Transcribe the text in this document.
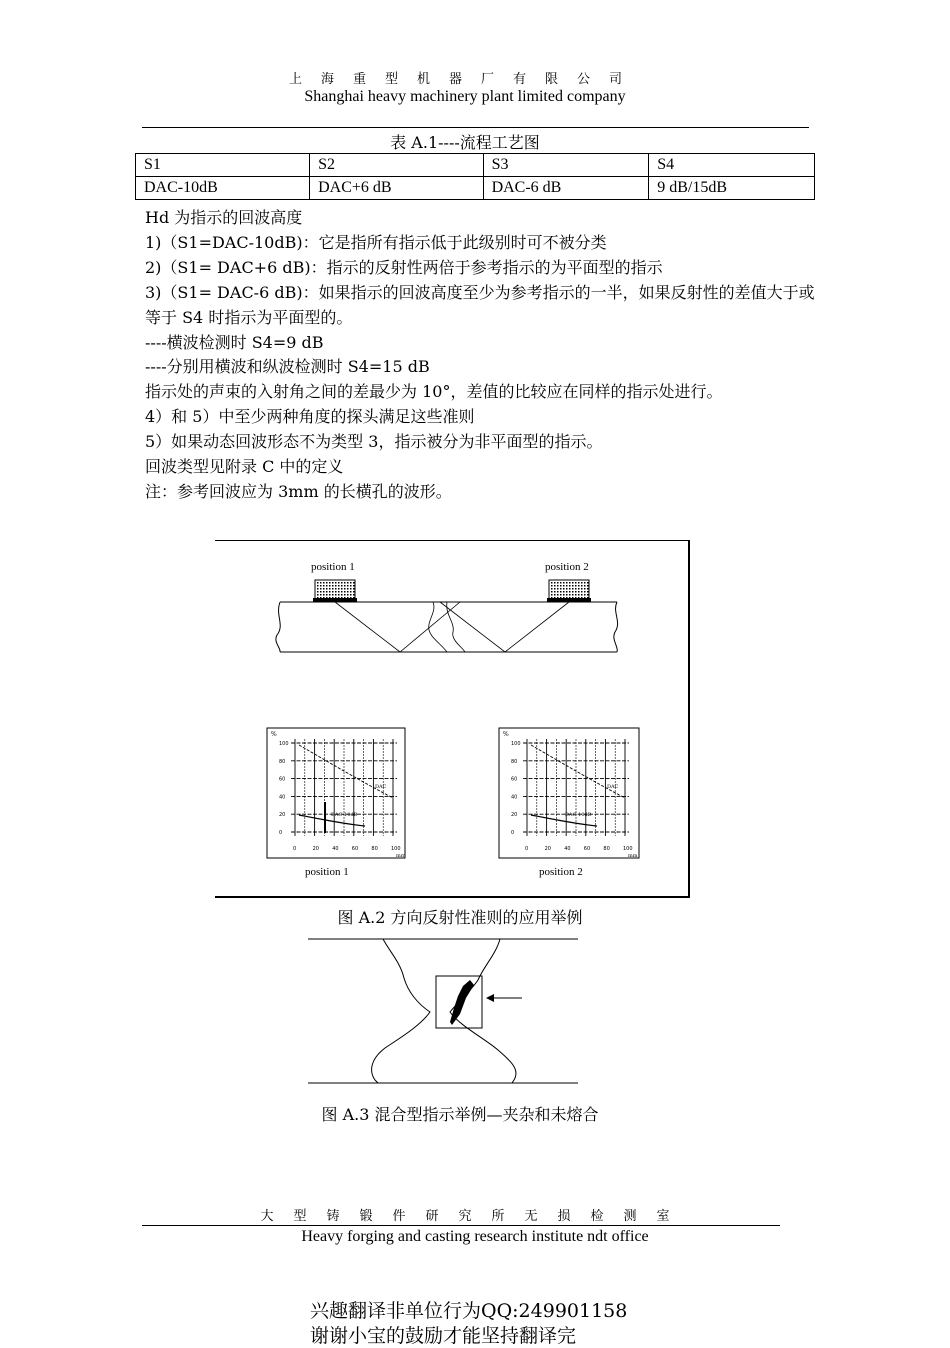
上海重型机器厂有限公司
Shanghai heavy machinery plant limited company
表 A.1----流程工艺图
S1	S2	S3	S4
DAC-10dB	DAC+6 dB	DAC-6 dB	9 dB/15dB

Hd 为指示的回波高度

1)（S1=DAC-10dB)：它是指所有指示低于此级别时可不被分类

2)（S1= DAC+6 dB)：指示的反射性两倍于参考指示的为平面型的指示

3)（S1= DAC-6 dB)：如果指示的回波高度至少为参考指示的一半，如果反射性的差值大于或等于 S4 时指示为平面型的。

----横波检测时 S4=9 dB

----分别用横波和纵波检测时 S4=15 dB

指示处的声束的入射角之间的差最少为 10°，差值的比较应在同样的指示处进行。

4）和 5）中至少两种角度的探头满足这些准则

5）如果动态回波形态不为类型 3，指示被分为非平面型的指示。

回波类型见附录 C 中的定义

注：参考回波应为 3mm 的长横孔的波形。

position 1	position 2
%
100
80
60
40
20
0
0	20	40	60	80	100
mm
DAC
DAC-10dB
position 1
%
100
80
60
40
20
0
0	20	40	60	80	100
mm
DAC
DAC-10dB
position 2
图 A.2 方向反射性准则的应用举例
图 A.3 混合型指示举例—夹杂和未熔合
大型铸锻件研究所无损检测室
Heavy forging and casting research institute ndt office
兴趣翻译非单位行为QQ:249901158
谢谢小宝的鼓励才能坚持翻译完
